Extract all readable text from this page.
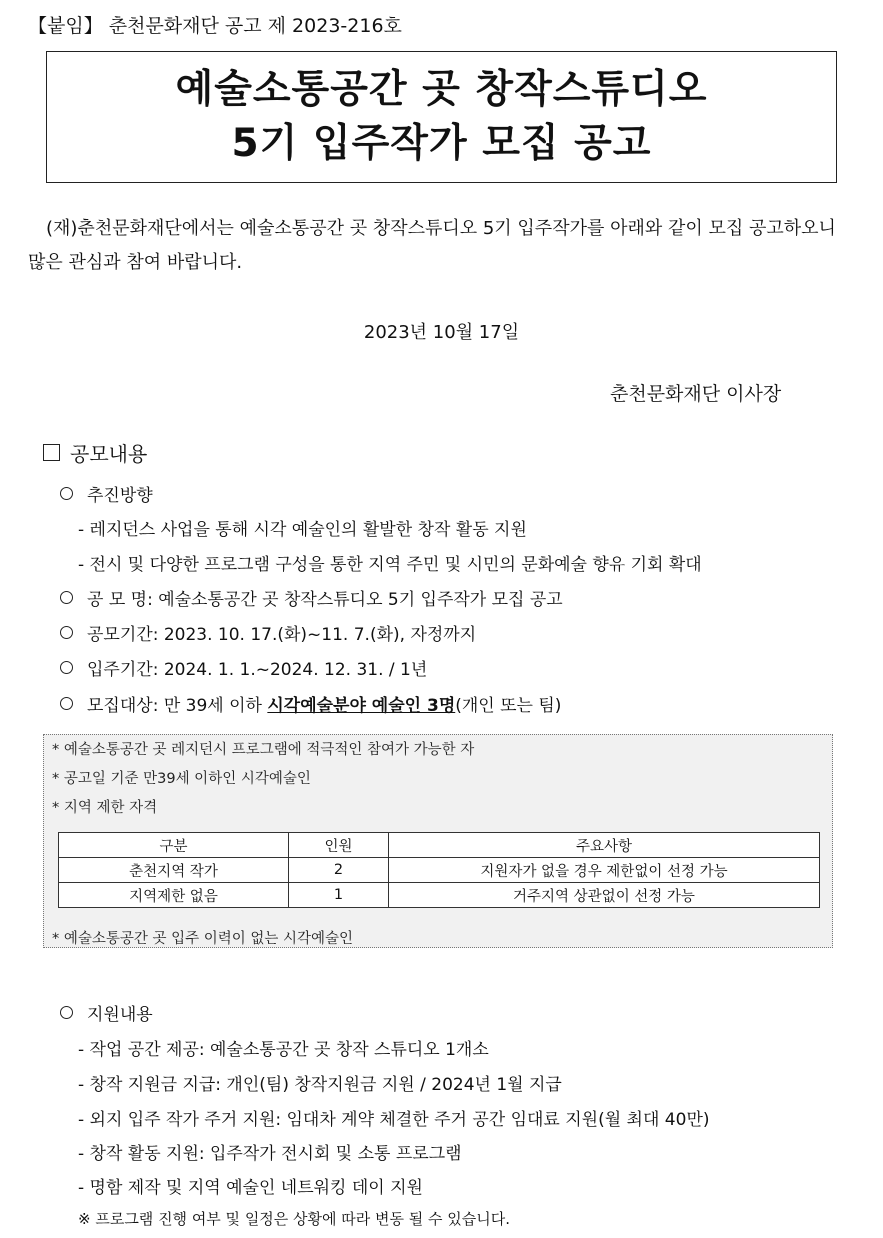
【붙임】 춘천문화재단 공고 제 2023-216호
예술소통공간 곳 창작스튜디오
5기 입주작가 모집 공고
(재)춘천문화재단에서는 예술소통공간 곳 창작스튜디오 5기 입주작가를 아래와 같이 모집 공고하오니 많은 관심과 참여 바랍니다.
2023년 10월 17일
춘천문화재단 이사장
공모내용
추진방향
- 레지던스 사업을 통해 시각 예술인의 활발한 창작 활동 지원
- 전시 및 다양한 프로그램 구성을 통한 지역 주민 및 시민의 문화예술 향유 기회 확대
공 모 명: 예술소통공간 곳 창작스튜디오 5기 입주작가 모집 공고
공모기간: 2023. 10. 17.(화)~11. 7.(화), 자정까지
입주기간: 2024. 1. 1.~2024. 12. 31. / 1년
모집대상: 만 39세 이하 시각예술분야 예술인 3명 (개인 또는 팀)
* 예술소통공간 곳 레지던시 프로그램에 적극적인 참여가 가능한 자
* 공고일 기준 만39세 이하인 시각예술인
* 지역 제한 자격
구분	인원	주요사항
춘천지역 작가	2	지원자가 없을 경우 제한없이 선정 가능
지역제한 없음	1	거주지역 상관없이 선정 가능
* 예술소통공간 곳 입주 이력이 없는 시각예술인
지원내용
- 작업 공간 제공: 예술소통공간 곳 창작 스튜디오 1개소
- 창작 지원금 지급: 개인(팀) 창작지원금 지원 / 2024년 1월 지급
- 외지 입주 작가 주거 지원: 임대차 계약 체결한 주거 공간 임대료 지원(월 최대 40만)
- 창작 활동 지원: 입주작가 전시회 및 소통 프로그램
- 명함 제작 및 지역 예술인 네트워킹 데이 지원
※ 프로그램 진행 여부 및 일정은 상황에 따라 변동 될 수 있습니다.
